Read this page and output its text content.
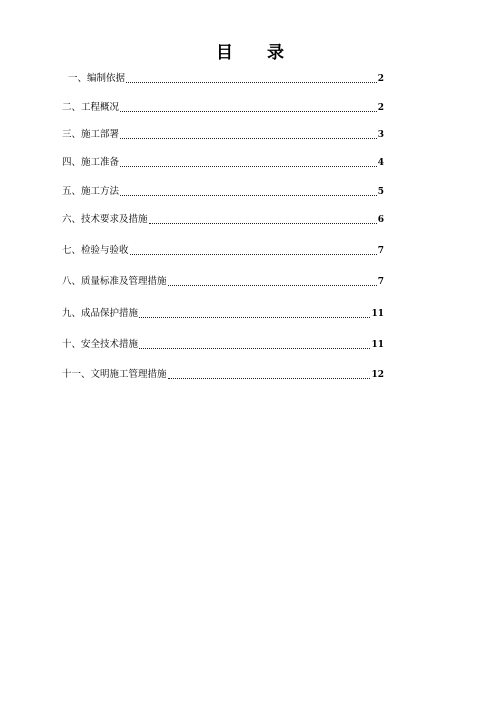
目 录
一、编制依据	2
二、工程概况	2
三、施工部署	3
四、施工准备	4
五、施工方法	5
六、技术要求及措施	6
七、检验与验收	7
八、质量标准及管理措施	7
九、成品保护措施	11
十、安全技术措施	11
十一、文明施工管理措施	12
